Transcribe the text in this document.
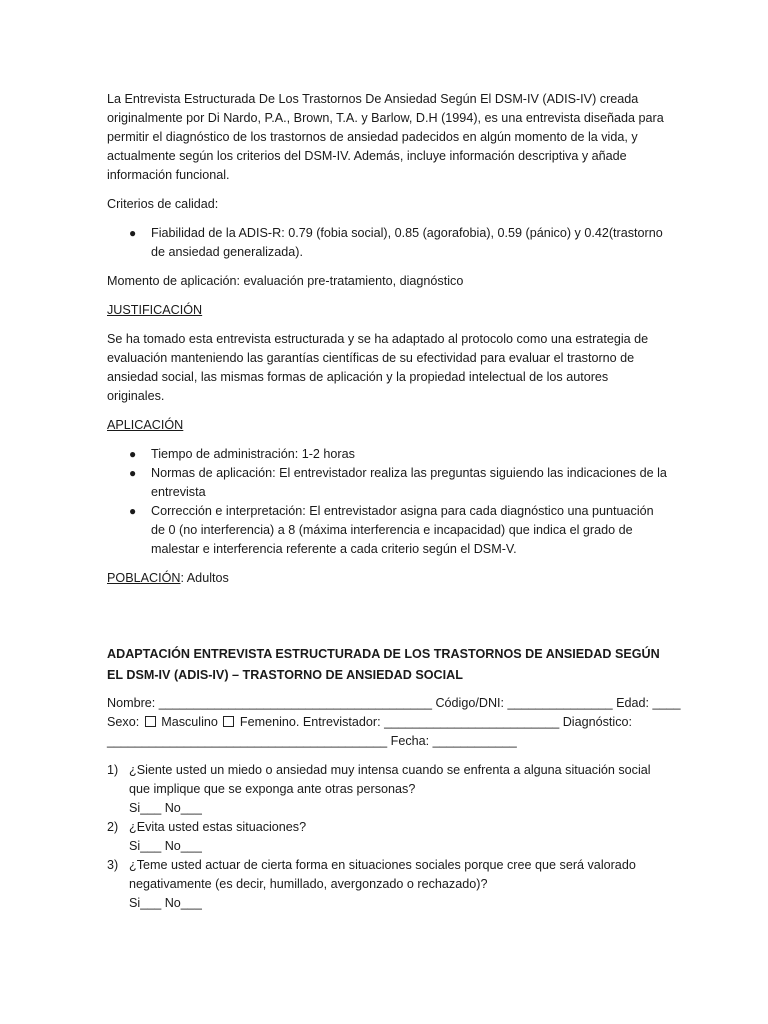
La Entrevista Estructurada De Los Trastornos De Ansiedad Según El DSM-IV (ADIS-IV) creada originalmente por Di Nardo, P.A., Brown, T.A. y Barlow, D.H (1994), es una entrevista diseñada para permitir el diagnóstico de los trastornos de ansiedad padecidos en algún momento de la vida, y actualmente según los criterios del DSM-IV. Además, incluye información descriptiva y añade información funcional.

Criterios de calidad:

● Fiabilidad de la ADIS-R: 0.79 (fobia social), 0.85 (agorafobia), 0.59 (pánico) y 0.42(trastorno de ansiedad generalizada).

Momento de aplicación: evaluación pre-tratamiento, diagnóstico

JUSTIFICACIÓN

Se ha tomado esta entrevista estructurada y se ha adaptado al protocolo como una estrategia de evaluación manteniendo las garantías científicas de su efectividad para evaluar el trastorno de ansiedad social, las mismas formas de aplicación y la propiedad intelectual de los autores originales.

APLICACIÓN

● Tiempo de administración: 1-2 horas
● Normas de aplicación: El entrevistador realiza las preguntas siguiendo las indicaciones de la entrevista
● Corrección e interpretación: El entrevistador asigna para cada diagnóstico una puntuación de 0 (no interferencia) a 8 (máxima interferencia e incapacidad) que indica el grado de malestar e interferencia referente a cada criterio según el DSM-V.

POBLACIÓN: Adultos

ADAPTACIÓN ENTREVISTA ESTRUCTURADA DE LOS TRASTORNOS DE ANSIEDAD SEGÚN EL DSM-IV (ADIS-IV) – TRASTORNO DE ANSIEDAD SOCIAL

Nombre: _______________________________________ Código/DNI: _______________ Edad: ____

Sexo:  Masculino  Femenino. Entrevistador: _________________________ Diagnóstico:

________________________________________ Fecha: ____________

1) ¿Siente usted un miedo o ansiedad muy intensa cuando se enfrenta a alguna situación social que implique que se exponga ante otras personas?
Si___ No___
2) ¿Evita usted estas situaciones?
Si___ No___
3) ¿Teme usted actuar de cierta forma en situaciones sociales porque cree que será valorado negativamente (es decir, humillado, avergonzado o rechazado)?
Si___ No___
